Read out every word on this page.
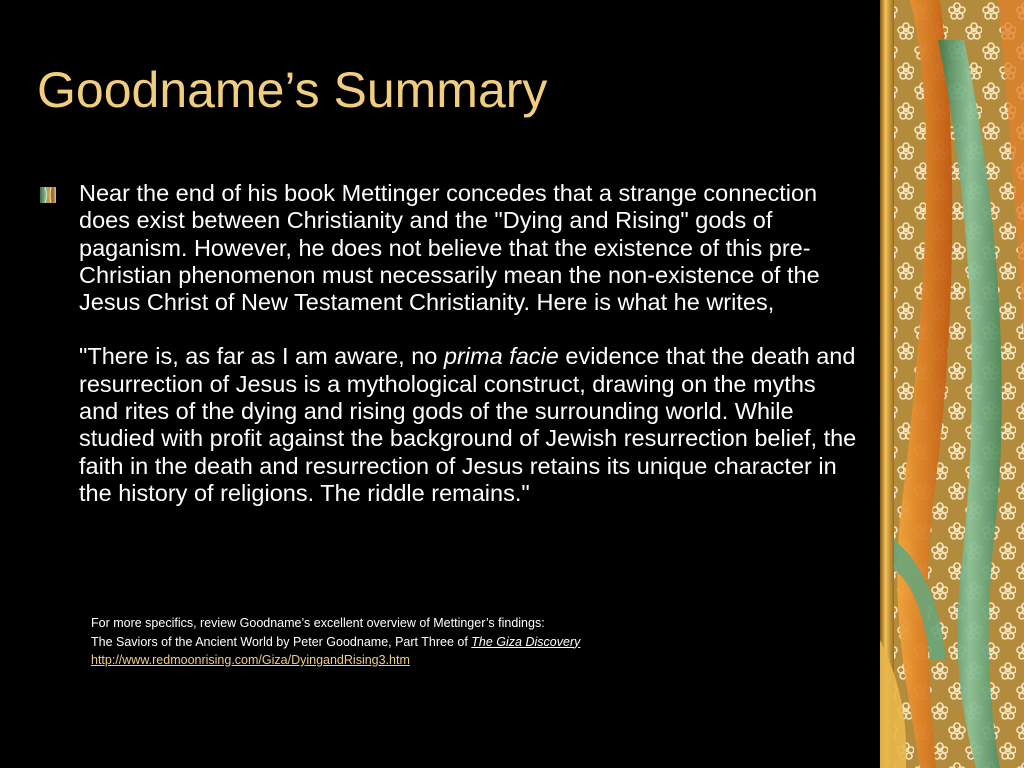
Goodname’s Summary

Near the end of his book Mettinger concedes that a strange connection does exist between Christianity and the "Dying and Rising" gods of paganism. However, he does not believe that the existence of this pre-Christian phenomenon must necessarily mean the non-existence of the Jesus Christ of New Testament Christianity. Here is what he writes,

"There is, as far as I am aware, no prima facie evidence that the death and resurrection of Jesus is a mythological construct, drawing on the myths and rites of the dying and rising gods of the surrounding world. While studied with profit against the background of Jewish resurrection belief, the faith in the death and resurrection of Jesus retains its unique character in the history of religions. The riddle remains."

For more specifics, review Goodname’s excellent overview of Mettinger’s findings:
The Saviors of the Ancient World by Peter Goodname, Part Three of The Giza Discovery
http://www.redmoonrising.com/Giza/DyingandRising3.htm
